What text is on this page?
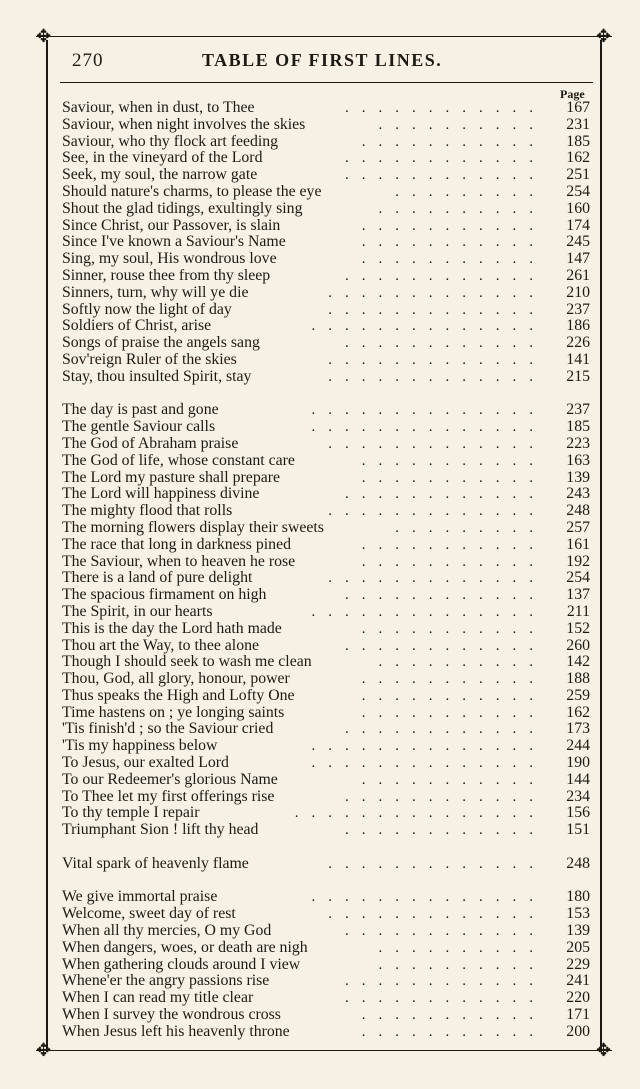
✥	✥
✥	✥
270	TABLE OF FIRST LINES.
Page
Saviour, when in dust, to Thee	............	167
Saviour, when night involves the skies	..........	231
Saviour, who thy flock art feeding	...........	185
See, in the vineyard of the Lord	............	162
Seek, my soul, the narrow gate	............	251
Should nature's charms, to please the eye	.........	254
Shout the glad tidings, exultingly sing	..........	160
Since Christ, our Passover, is slain	...........	174
Since I've known a Saviour's Name	...........	245
Sing, my soul, His wondrous love	...........	147
Sinner, rouse thee from thy sleep	............	261
Sinners, turn, why will ye die	.............	210
Softly now the light of day	.............	237
Soldiers of Christ, arise	..............	186
Songs of praise the angels sang	............	226
Sov'reign Ruler of the skies	.............	141
Stay, thou insulted Spirit, stay	.............	215
The day is past and gone	..............	237
The gentle Saviour calls	..............	185
The God of Abraham praise	.............	223
The God of life, whose constant care	...........	163
The Lord my pasture shall prepare	...........	139
The Lord will happiness divine	............	243
The mighty flood that rolls	.............	248
The morning flowers display their sweets	.........	257
The race that long in darkness pined	...........	161
The Saviour, when to heaven he rose	...........	192
There is a land of pure delight	.............	254
The spacious firmament on high	............	137
The Spirit, in our hearts	..............	211
This is the day the Lord hath made	...........	152
Thou art the Way, to thee alone	............	260
Though I should seek to wash me clean	..........	142
Thou, God, all glory, honour, power	...........	188
Thus speaks the High and Lofty One	...........	259
Time hastens on ; ye longing saints	...........	162
'Tis finish'd ; so the Saviour cried	............	173
'Tis my happiness below	..............	244
To Jesus, our exalted Lord	..............	190
To our Redeemer's glorious Name	...........	144
To Thee let my first offerings rise	............	234
To thy temple I repair	...............	156
Triumphant Sion ! lift thy head	............	151
Vital spark of heavenly flame	.............	248
We give immortal praise	..............	180
Welcome, sweet day of rest	.............	153
When all thy mercies, O my God	............	139
When dangers, woes, or death are nigh	..........	205
When gathering clouds around I view	..........	229
Whene'er the angry passions rise	............	241
When I can read my title clear	............	220
When I survey the wondrous cross	...........	171
When Jesus left his heavenly throne	...........	200
